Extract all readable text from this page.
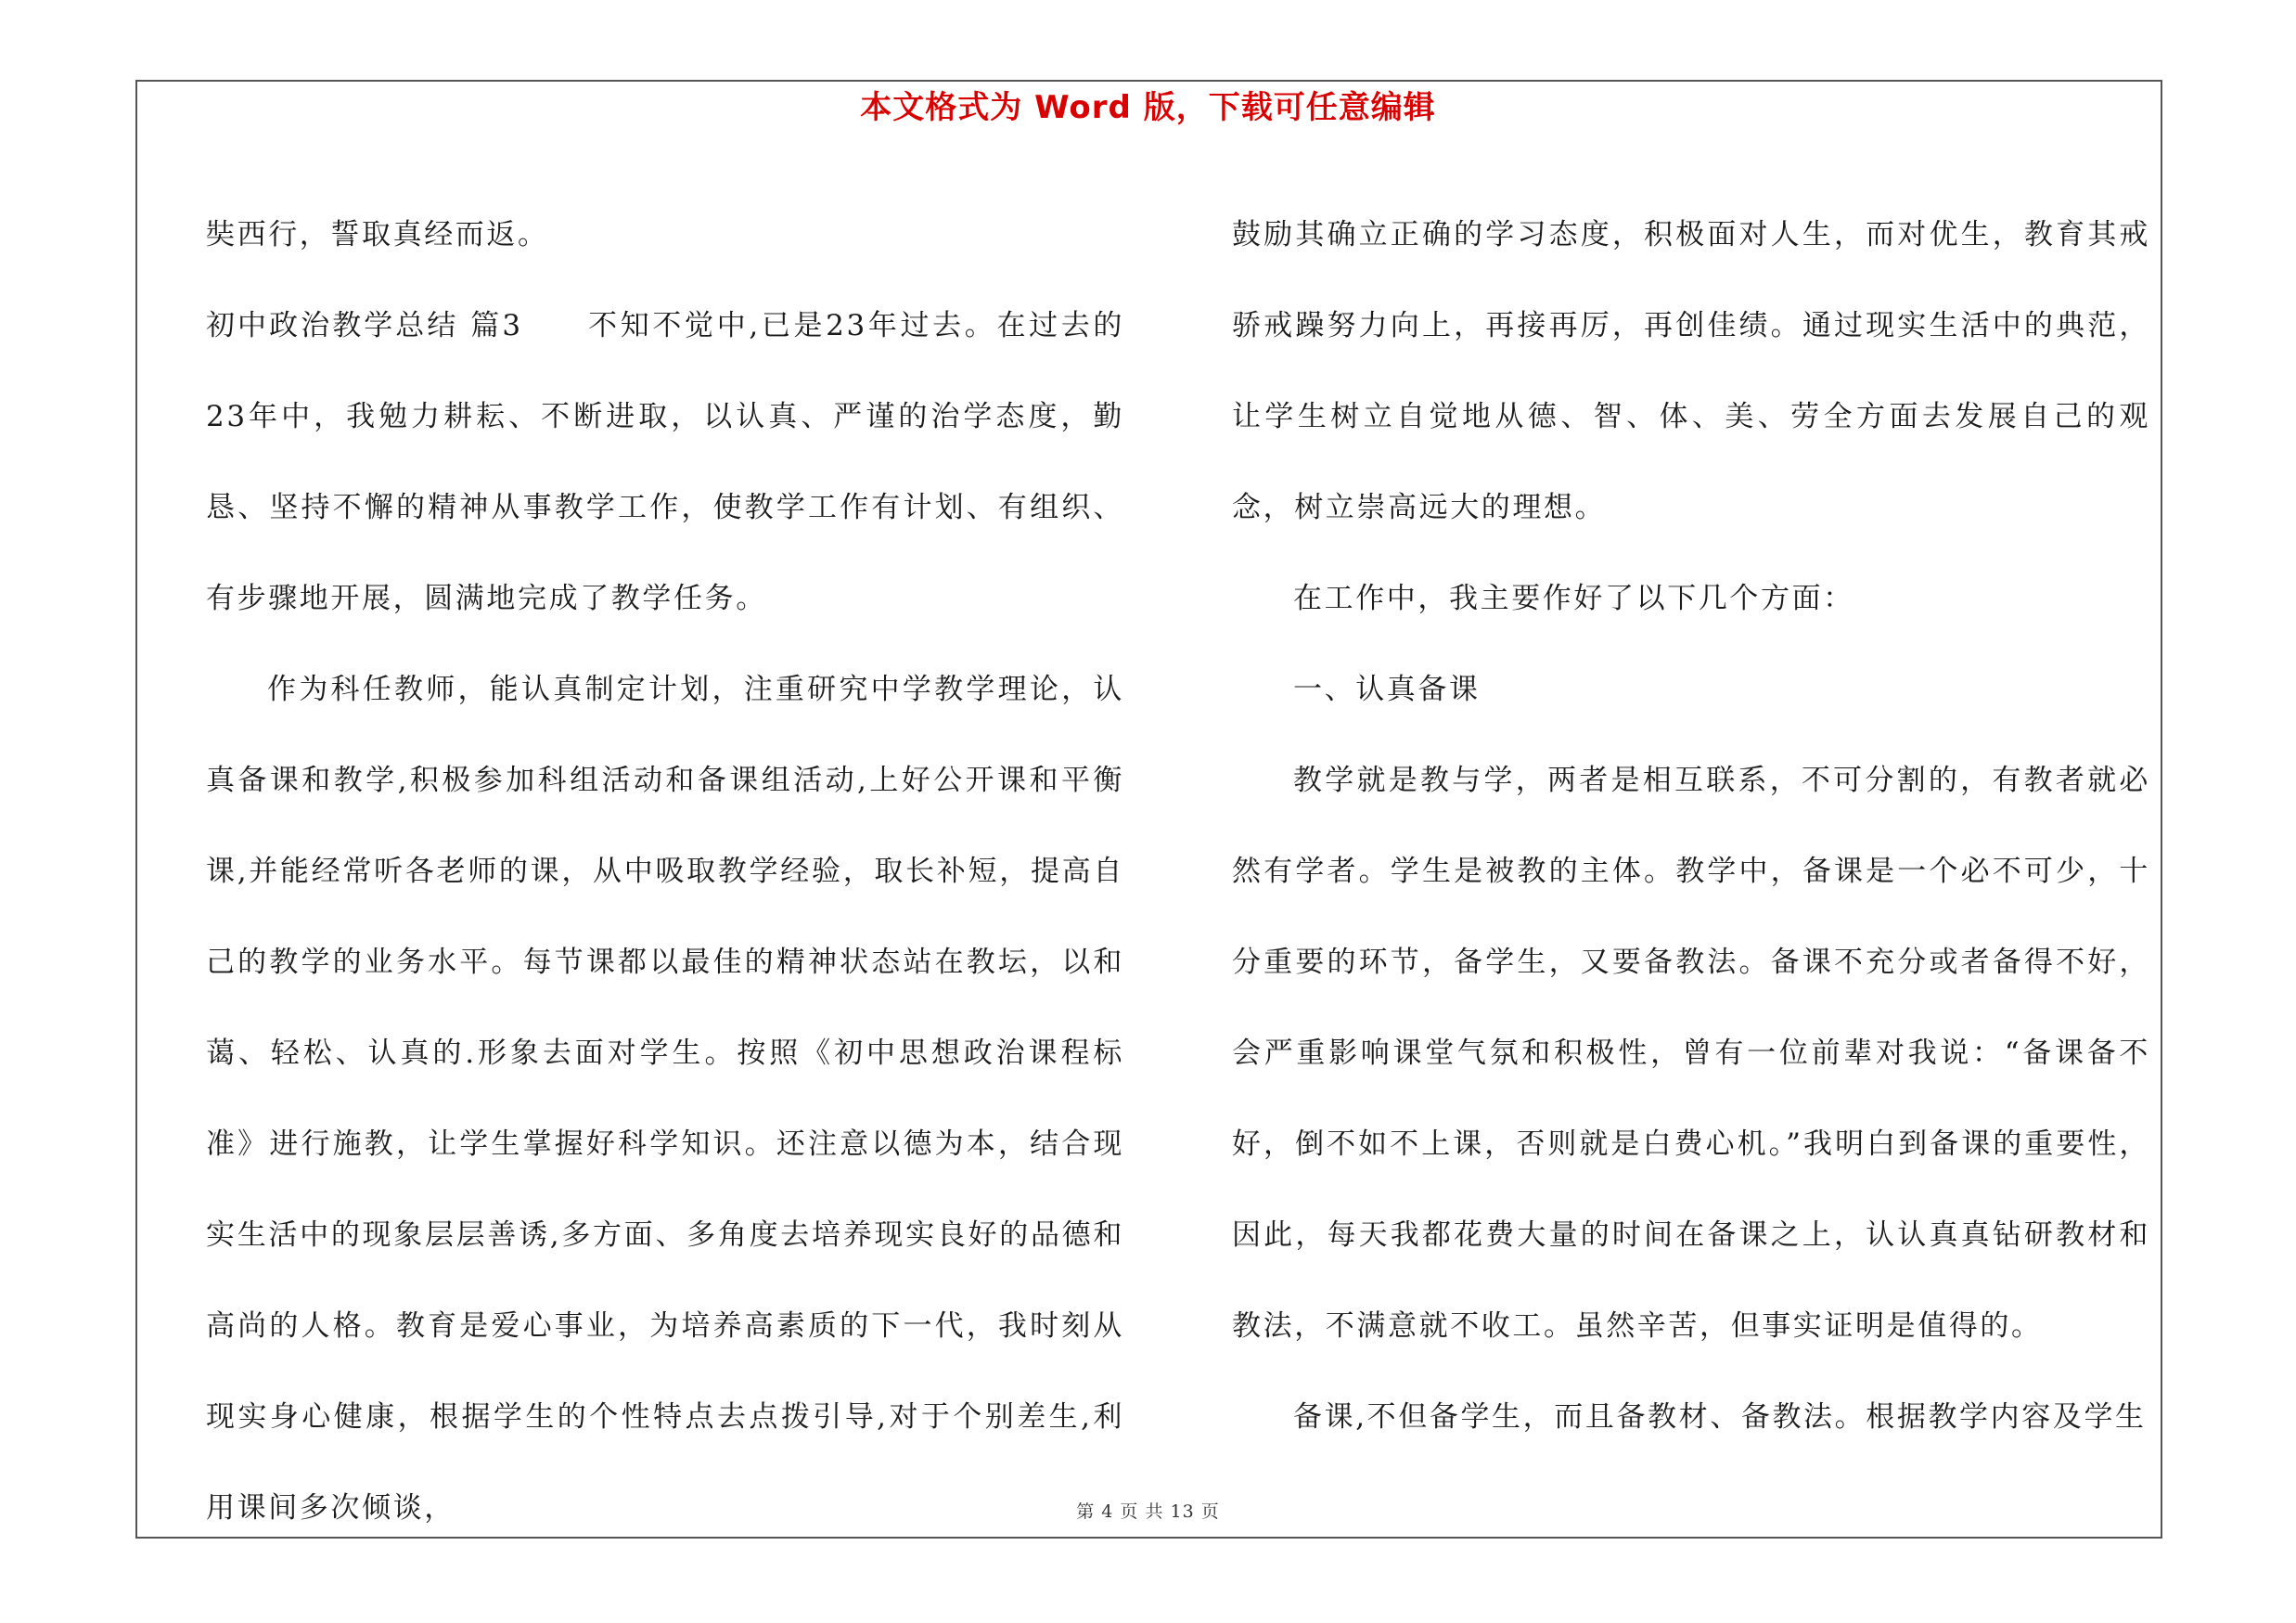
本文格式为 Word 版，下载可任意编辑

奘西行，誓取真经而返。

初中政治教学总结 篇3 不知不觉中,已是23年过去。在过去的23年中，我勉力耕耘、不断进取，以认真、严谨的治学态度，勤恳、坚持不懈的精神从事教学工作，使教学工作有计划、有组织、有步骤地开展，圆满地完成了教学任务。

作为科任教师，能认真制定计划，注重研究中学教学理论，认真备课和教学,积极参加科组活动和备课组活动,上好公开课和平衡课,并能经常听各老师的课，从中吸取教学经验，取长补短，提高自己的教学的业务水平。每节课都以最佳的精神状态站在教坛，以和蔼、轻松、认真的.形象去面对学生。按照《初中思想政治课程标准》进行施教，让学生掌握好科学知识。还注意以德为本，结合现实生活中的现象层层善诱,多方面、多角度去培养现实良好的品德和高尚的人格。教育是爱心事业，为培养高素质的下一代，我时刻从现实身心健康，根据学生的个性特点去点拨引导,对于个别差生,利用课间多次倾谈，

鼓励其确立正确的学习态度，积极面对人生，而对优生，教育其戒骄戒躁努力向上，再接再厉，再创佳绩。通过现实生活中的典范，让学生树立自觉地从德、智、体、美、劳全方面去发展自己的观念，树立崇高远大的理想。

在工作中，我主要作好了以下几个方面：

一、认真备课

教学就是教与学，两者是相互联系，不可分割的，有教者就必然有学者。学生是被教的主体。教学中，备课是一个必不可少，十分重要的环节，备学生，又要备教法。备课不充分或者备得不好，会严重影响课堂气氛和积极性，曾有一位前辈对我说：“备课备不好，倒不如不上课，否则就是白费心机。”我明白到备课的重要性，因此，每天我都花费大量的时间在备课之上，认认真真钻研教材和教法，不满意就不收工。虽然辛苦，但事实证明是值得的。

备课,不但备学生，而且备教材、备教法。根据教学内容及学生

第 4 页 共 13 页
